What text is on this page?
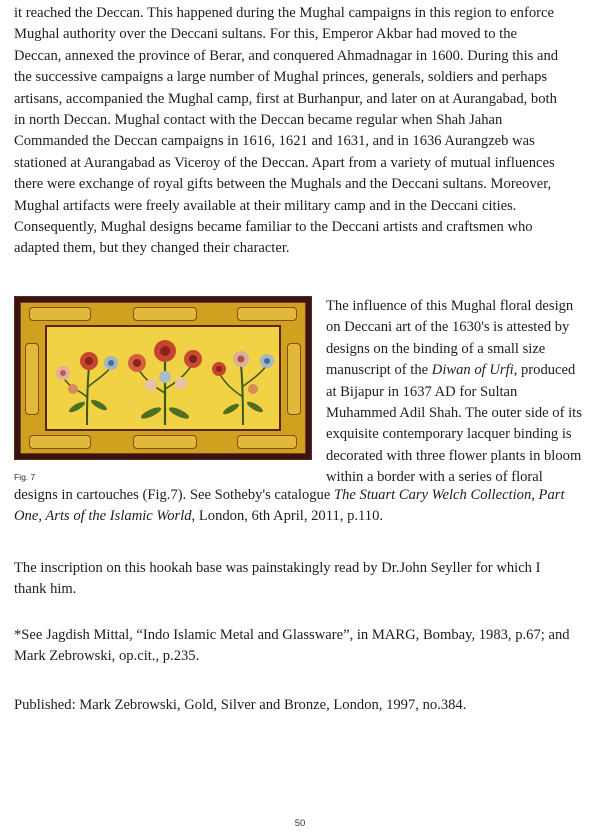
it reached the Deccan. This happened during the Mughal campaigns in this region to enforce
Mughal authority over the Deccani sultans. For this, Emperor Akbar had moved to the
Deccan, annexed the province of Berar, and conquered Ahmadnagar in 1600. During this and
the successive campaigns a large number of Mughal princes, generals, soldiers and perhaps
artisans, accompanied the Mughal camp, first at Burhanpur, and later on at Aurangabad, both
in north Deccan. Mughal contact with the Deccan became regular when Shah Jahan
Commanded the Deccan campaigns in 1616, 1621 and 1631, and in 1636 Aurangzeb was
stationed at Aurangabad as Viceroy of the Deccan. Apart from a variety of mutual influences
there were exchange of royal gifts between the Mughals and the Deccani sultans. Moreover,
Mughal artifacts were freely available at their military camp and in the Deccani cities.
Consequently, Mughal designs became familiar to the Deccani artists and craftsmen who
adapted them, but they changed their character.

Fig. 7

The influence of this Mughal floral design
on Deccani art of the 1630's is attested by
designs on the binding of a small size
manuscript of the Diwan of Urfi, produced
at Bijapur in 1637 AD for Sultan
Muhammed Adil Shah. The outer side of its
exquisite contemporary lacquer binding is
decorated with three flower plants in bloom
within a border with a series of floral

designs in cartouches (Fig.7). See Sotheby's catalogue The Stuart Cary Welch Collection, Part
One, Arts of the Islamic World, London, 6th April, 2011, p.110.

The inscription on this hookah base was painstakingly read by Dr.John Seyller for which I
thank him.

*See Jagdish Mittal, “Indo Islamic Metal and Glassware”, in MARG, Bombay, 1983, p.67; and
Mark Zebrowski, op.cit., p.235.

Published: Mark Zebrowski, Gold, Silver and Bronze, London, 1997, no.384.

50
